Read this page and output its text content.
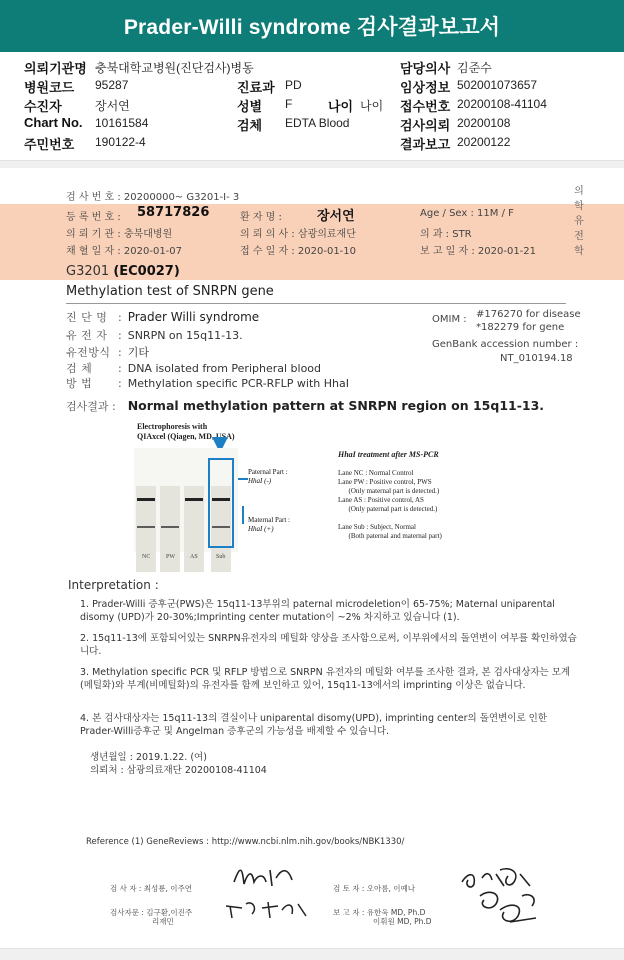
Prader-Willi syndrome 검사결과보고서
의뢰기관명 충북대학교병원(진단검사)병동	담당의사 김준수
병원코드 95287	진료과 PD	임상정보 502001073657
수진자	장서연	성별 F	나이 나이 접수번호 20200108-41104
Chart No. 10161584	검체 EDTA Blood	검사의뢰 20200108
주민번호 190122-4	결과보고 20200122
의
학
유
전
학
검 사 번 호 : 20200000~ G3201-I- 3
등 록 번 호 : 58717826	환 자 명 :	장서연	Age / Sex : 11M / F
의 뢰 기 관 : 충북대병원	의 뢰 의 사 : 삼광의료재단	의 과 : STR
채 혈 일 자 : 2020-01-07	접 수 일 자 : 2020-01-10	보 고 일 자 : 2020-01-21
G3201 (EC0027)
Methylation test of SNRPN gene
진 단 명 : Prader Willi syndrome
유 전 자 : SNRPN on 15q11-13.
유전방식 : 기타
검 체 : DNA isolated from Peripheral blood
방 법 : Methylation specific PCR-RFLP with HhaI
OMIM : #176270 for disease
*182279 for gene
GenBank accession number :
NT_010194.18
검사결과 : Normal methylation pattern at SNRPN region on 15q11-13.
Electrophoresis with
QIAxcel (Qiagen, MD, USA)
NC	PW	AS	Sub
Paternal Part :
HhaI (-)
Maternal Part :
HhaI (+)
HhaI treatment after MS-PCR
Lane NC : Normal Control
Lane PW : Positive control, PWS
(Only maternal part is detected.)
Lane AS : Positive control, AS
(Only paternal part is detected.)
Lane Sub : Subject, Normal
(Both paternal and maternal part)
Interpretation :
1. Prader-Willi 증후군(PWS)은 15q11-13부위의 paternal microdeletion이 65-75%; Maternal uniparental disomy (UPD)가 20-30%;Imprinting center mutation이 ~2% 차지하고 있습니다 (1).
2. 15q11-13에 포함되어있는 SNRPN유전자의 메틸화 양상을 조사함으로써, 이부위에서의 돌연변이 여부를 확인하였습니다.
3. Methylation specific PCR 및 RFLP 방법으로 SNRPN 유전자의 메틸화 여부를 조사한 결과, 본 검사대상자는 모계(메틸화)와 부계(비메틸화)의 유전자를 함께 보인하고 있어, 15q11-13에서의 imprinting 이상은 없습니다.
4. 본 검사대상자는 15q11-13의 결실이나 uniparental disomy(UPD), imprinting center의 돌연변이로 인한 Prader-Willi증후군 및 Angelman 증후군의 가능성을 배제할 수 있습니다.
생년월일 : 2019.1.22. (여)
의뢰처 : 삼광의료재단 20200108-41104
Reference (1) GeneReviews : http://www.ncbi.nlm.nih.gov/books/NBK1330/
검 사 자 : 최성룡, 이주연	검 토 자 : 오아름, 이예나
검사자문 : 김구환,이진주
리재민
보 고 자 : 유한욱 MD, Ph.D
이휘원 MD, Ph.D
